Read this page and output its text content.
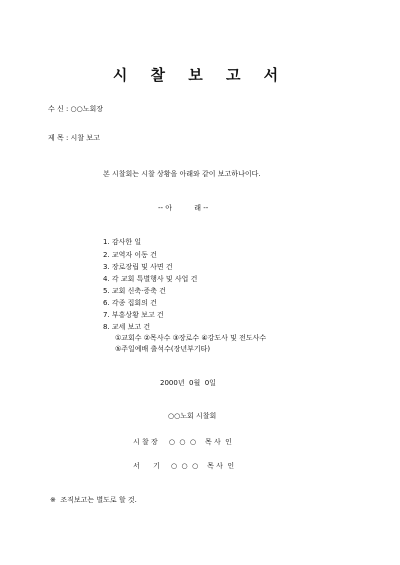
시 찰 보 고 서
수 신 : ○○노회장
제 목 : 시찰 보고
본 시찰회는 시찰 상황을 아래와 같이 보고하나이다.
-- 아          래 --
1. 감사한 일
2. 교역자 이동 건
3. 장로장립 및 사면 건
4. 각 교회 특별행사 및 사업 건
5. 교회 신축·증축 건
6. 각종 집회의 건
7. 부흥상황 보고 건
8. 교세 보고 건
①교회수 ②목사수 ③장로수 ④강도사 및 전도사수
⑤주일예배 출석수(장년부기타)
2000년  0월  0일
○○노회 시찰회
시 찰 장     ○  ○  ○    목 사  인
서      기     ○  ○  ○    목 사  인
※  조직보고는 별도로 할 것.
